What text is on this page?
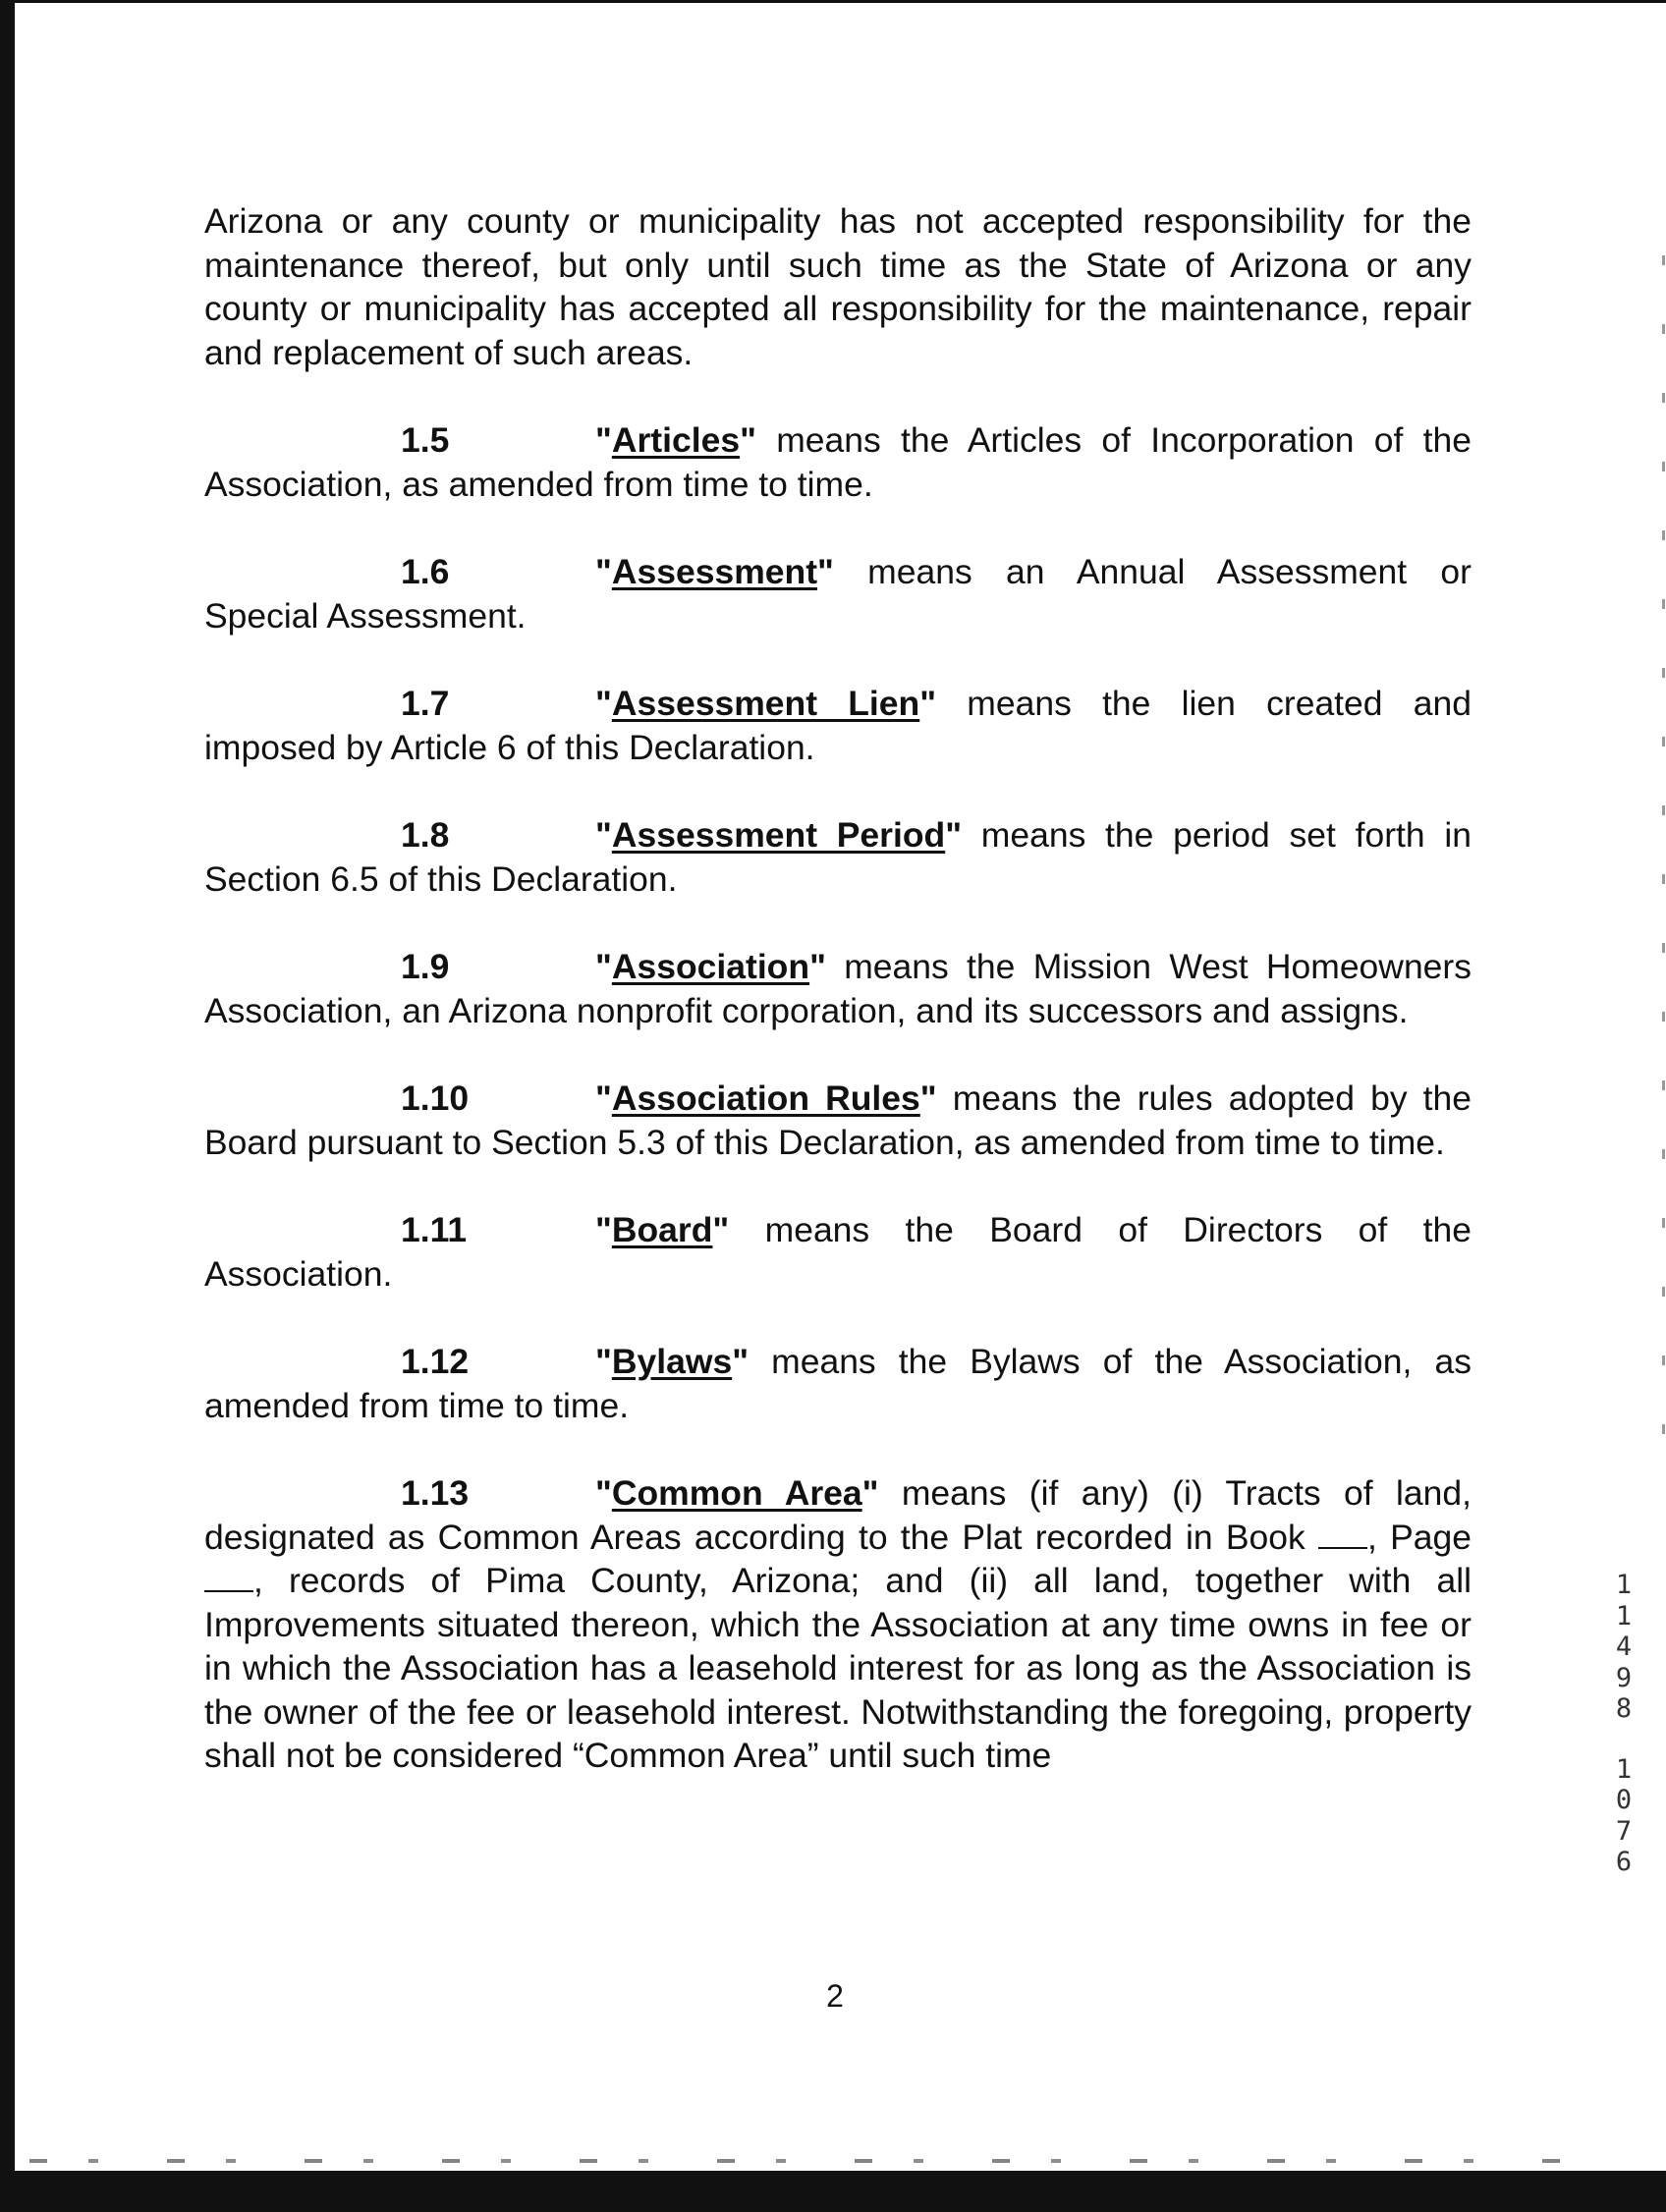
Arizona or any county or municipality has not accepted responsibility for the maintenance thereof, but only until such time as the State of Arizona or any county or municipality has accepted all responsibility for the maintenance, repair and replacement of such areas.

1.5	"Articles" means the Articles of Incorporation of the Association, as amended from time to time.

1.6	"Assessment" means an Annual Assessment or Special Assessment.

1.7	"Assessment Lien" means the lien created and imposed by Article 6 of this Declaration.

1.8	"Assessment Period" means the period set forth in Section 6.5 of this Declaration.

1.9	"Association" means the Mission West Homeowners Association, an Arizona nonprofit corporation, and its successors and assigns.

1.10	"Association Rules" means the rules adopted by the Board pursuant to Section 5.3 of this Declaration, as amended from time to time.

1.11	"Board" means the Board of Directors of the Association.

1.12	"Bylaws" means the Bylaws of the Association, as amended from time to time.

1.13	"Common Area" means (if any) (i) Tracts of land, designated as Common Areas according to the Plat recorded in Book , Page , records of Pima County, Arizona; and (ii) all land, together with all Improvements situated thereon, which the Association at any time owns in fee or in which the Association has a leasehold interest for as long as the Association is the owner of the fee or leasehold interest. Notwithstanding the foregoing, property shall not be considered “Common Area” until such time

1
1
4
9
8
1
0
7
6
2
